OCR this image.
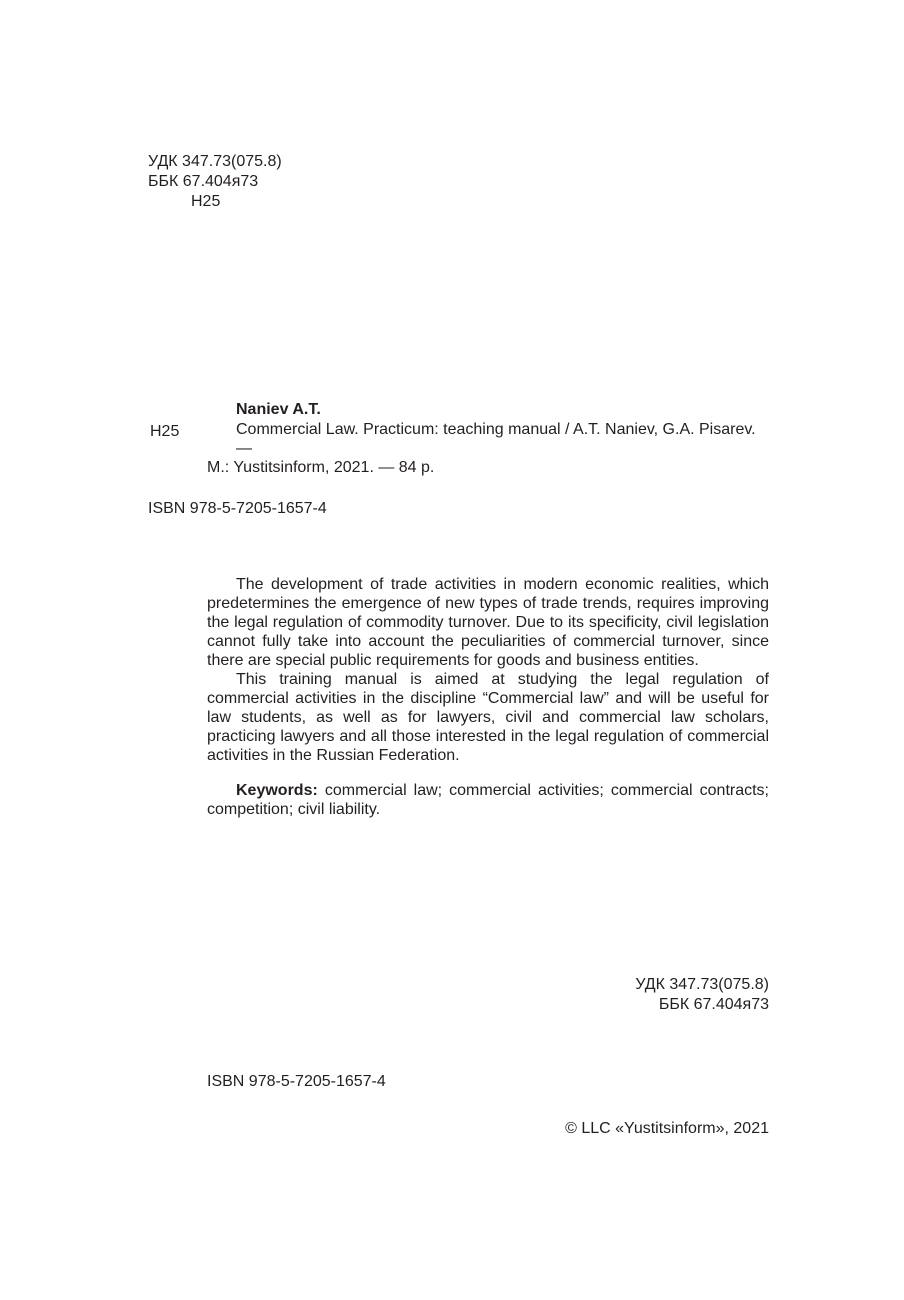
УДК 347.73(075.8)
ББК 67.404я73
Н25
Naniev A.T.
Н25	Commercial Law. Practicum: teaching manual / A.T. Naniev, G.A. Pisarev. —
M.: Yustitsinform, 2021. — 84 p.
ISBN 978-5-7205-1657-4

The development of trade activities in modern economic realities, which predetermines the emergence of new types of trade trends, requires improving the legal regulation of commodity turnover. Due to its specificity, civil legislation cannot fully take into account the peculiarities of commercial turnover, since there are special public requirements for goods and business entities.

This training manual is aimed at studying the legal regulation of commercial activities in the discipline “Commercial law” and will be useful for law students, as well as for lawyers, civil and commercial law scholars, practicing lawyers and all those interested in the legal regulation of commercial activities in the Russian Federation.

Keywords: commercial law; commercial activities; commercial contracts; competition; civil liability.

УДК 347.73(075.8)
ББК 67.404я73
ISBN 978-5-7205-1657-4
© LLC «Yustitsinform», 2021
